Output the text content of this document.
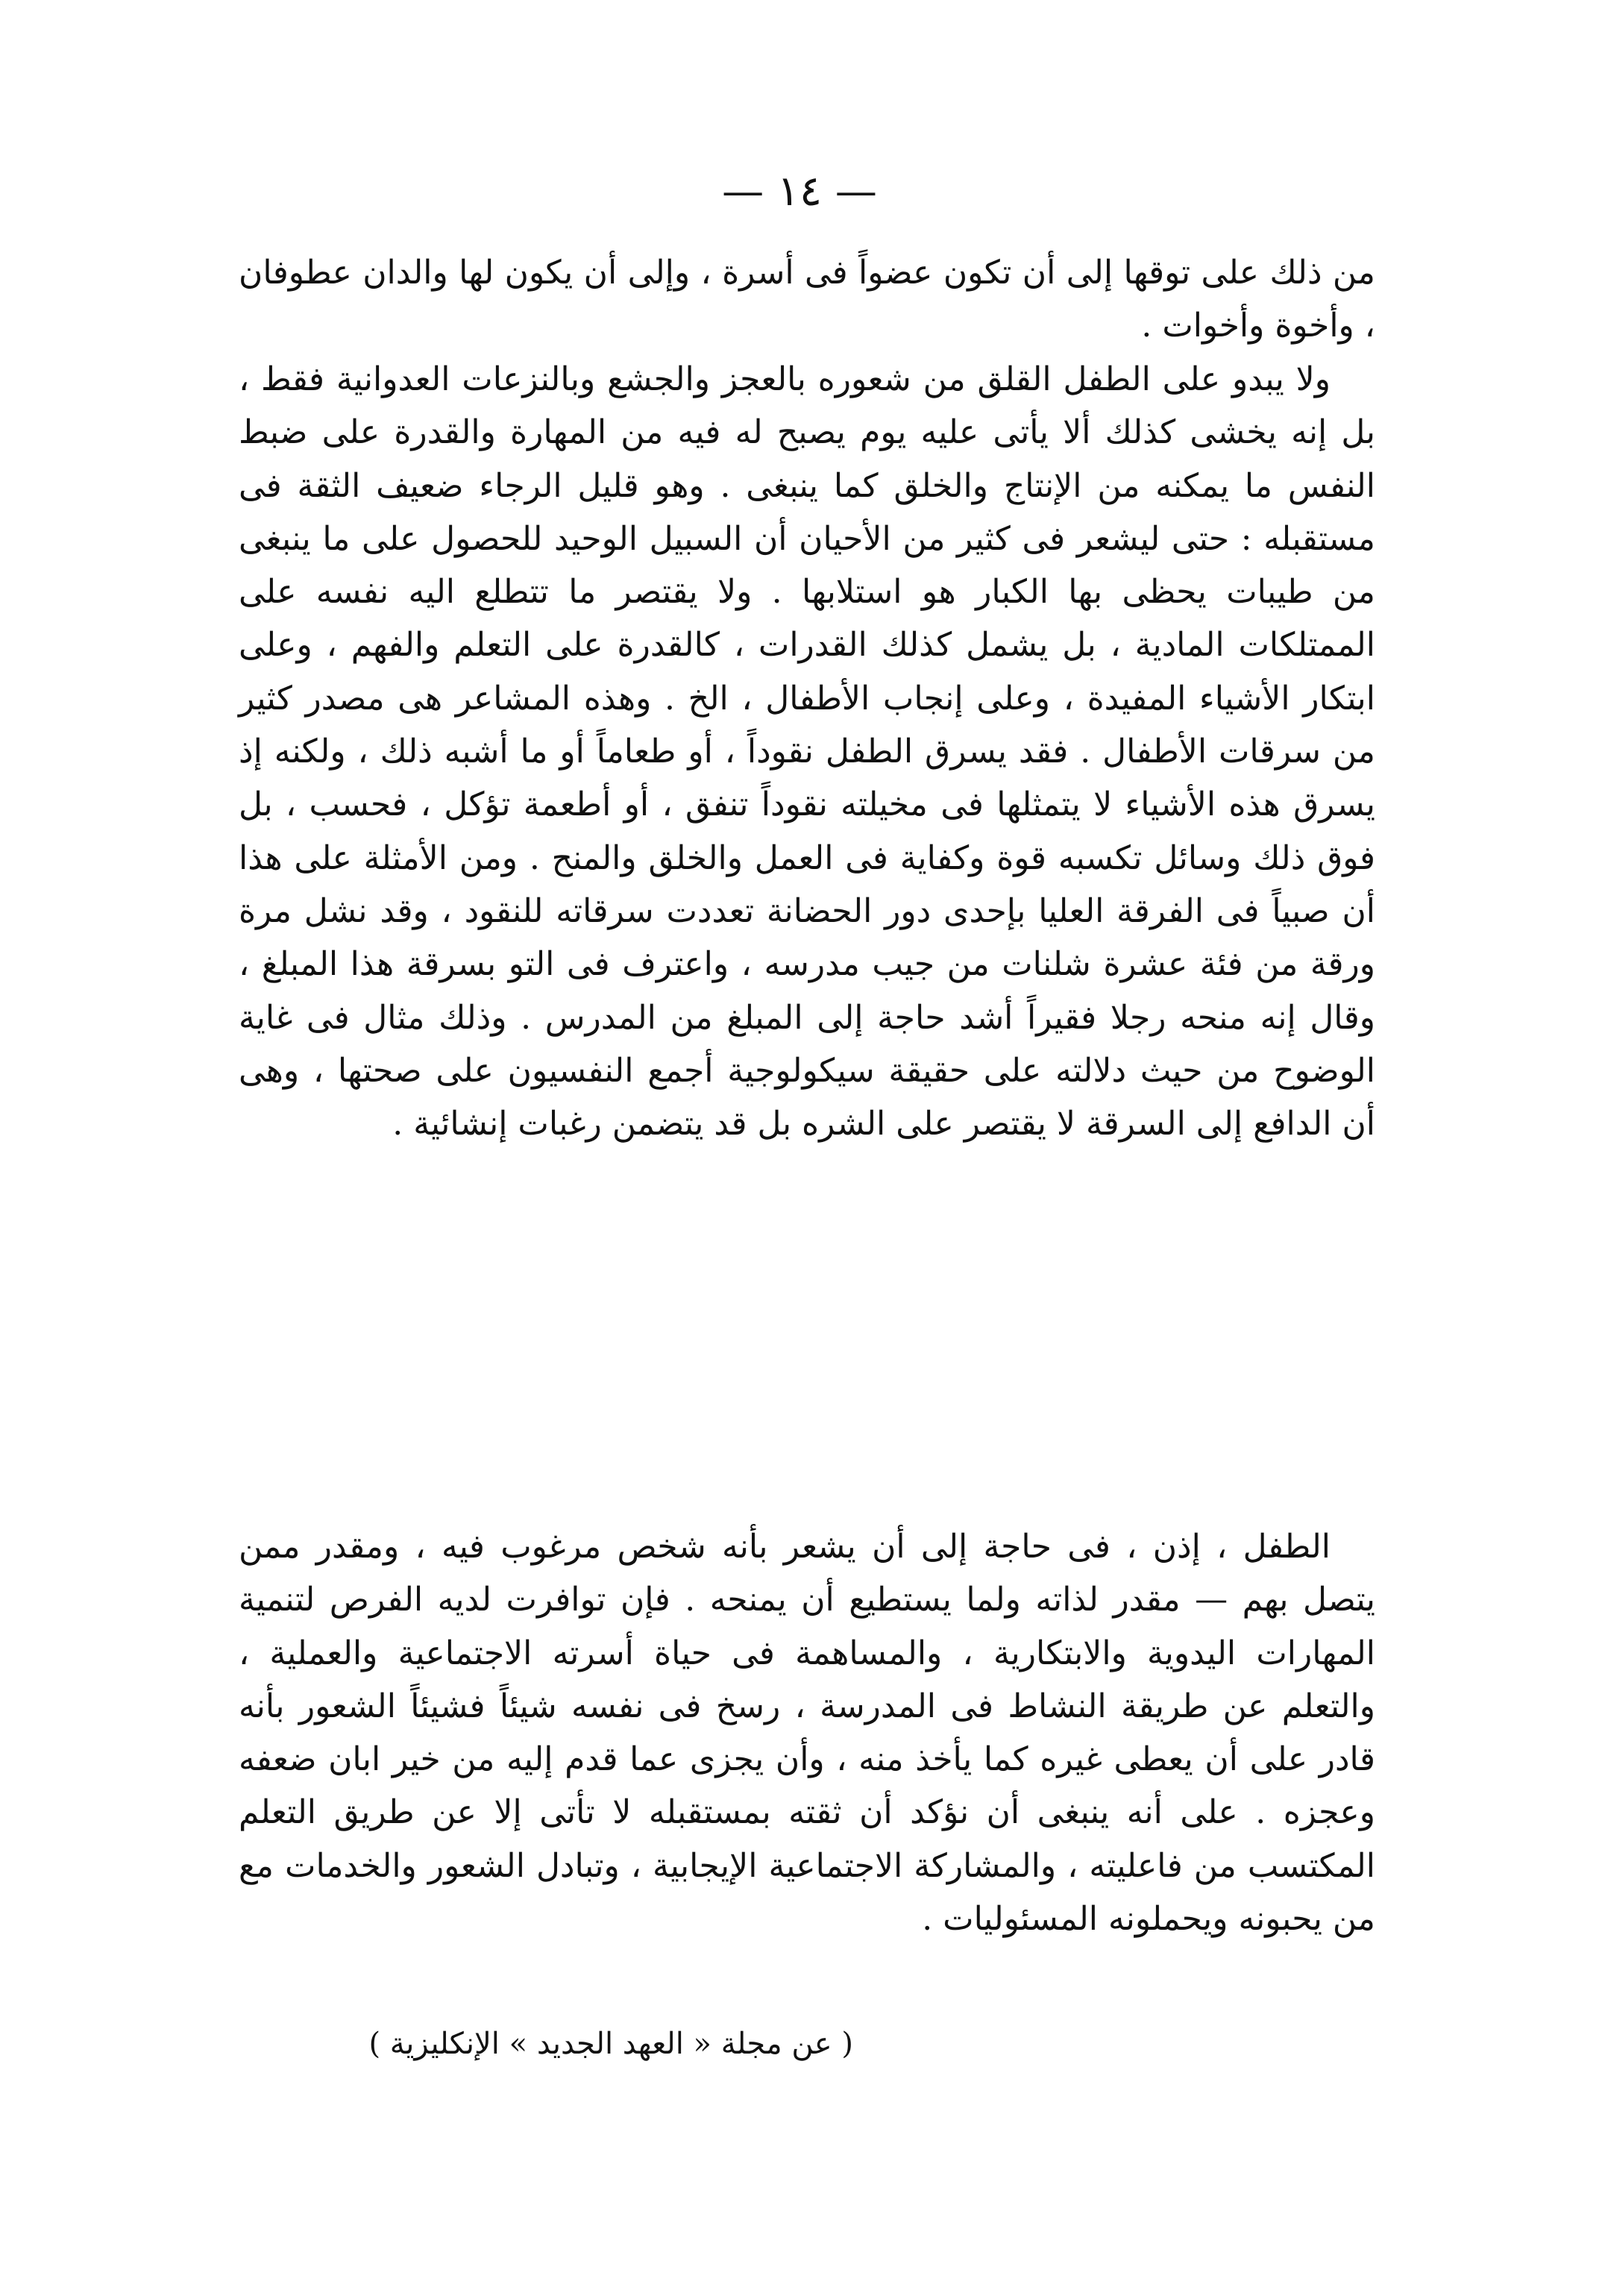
— ١٤ —

من ذلك على توقها إلى أن تكون عضواً فى أسرة ، وإلى أن يكون لها والدان عطوفان ، وأخوة وأخوات .

ولا يبدو على الطفل القلق من شعوره بالعجز والجشع وبالنزعات العدوانية فقط ، بل إنه يخشى كذلك ألا يأتى عليه يوم يصبح له فيه من المهارة والقدرة على ضبط النفس ما يمكنه من الإنتاج والخلق كما ينبغى . وهو قليل الرجاء ضعيف الثقة فى مستقبله : حتى ليشعر فى كثير من الأحيان أن السبيل الوحيد للحصول على ما ينبغى من طيبات يحظى بها الكبار هو استلابها . ولا يقتصر ما تتطلع اليه نفسه على الممتلكات المادية ، بل يشمل كذلك القدرات ، كالقدرة على التعلم والفهم ، وعلى ابتكار الأشياء المفيدة ، وعلى إنجاب الأطفال ، الخ . وهذه المشاعر هى مصدر كثير من سرقات الأطفال . فقد يسرق الطفل نقوداً ، أو طعاماً أو ما أشبه ذلك ، ولكنه إذ يسرق هذه الأشياء لا يتمثلها فى مخيلته نقوداً تنفق ، أو أطعمة تؤكل ، فحسب ، بل فوق ذلك وسائل تكسبه قوة وكفاية فى العمل والخلق والمنح . ومن الأمثلة على هذا أن صبياً فى الفرقة العليا بإحدى دور الحضانة تعددت سرقاته للنقود ، وقد نشل مرة ورقة من فئة عشرة شلنات من جيب مدرسه ، واعترف فى التو بسرقة هذا المبلغ ، وقال إنه منحه رجلا فقيراً أشد حاجة إلى المبلغ من المدرس . وذلك مثال فى غاية الوضوح من حيث دلالته على حقيقة سيكولوجية أجمع النفسيون على صحتها ، وهى أن الدافع إلى السرقة لا يقتصر على الشره بل قد يتضمن رغبات إنشائية .

الطفل ، إذن ، فى حاجة إلى أن يشعر بأنه شخص مرغوب فيه ، ومقدر ممن يتصل بهم — مقدر لذاته ولما يستطيع أن يمنحه . فإن توافرت لديه الفرص لتنمية المهارات اليدوية والابتكارية ، والمساهمة فى حياة أسرته الاجتماعية والعملية ، والتعلم عن طريقة النشاط فى المدرسة ، رسخ فى نفسه شيئاً فشيئاً الشعور بأنه قادر على أن يعطى غيره كما يأخذ منه ، وأن يجزى عما قدم إليه من خير ابان ضعفه وعجزه . على أنه ينبغى أن نؤكد أن ثقته بمستقبله لا تأتى إلا عن طريق التعلم المكتسب من فاعليته ، والمشاركة الاجتماعية الإيجابية ، وتبادل الشعور والخدمات مع من يحبونه ويحملونه المسئوليات .

( عن مجلة « العهد الجديد » الإنكليزية )
